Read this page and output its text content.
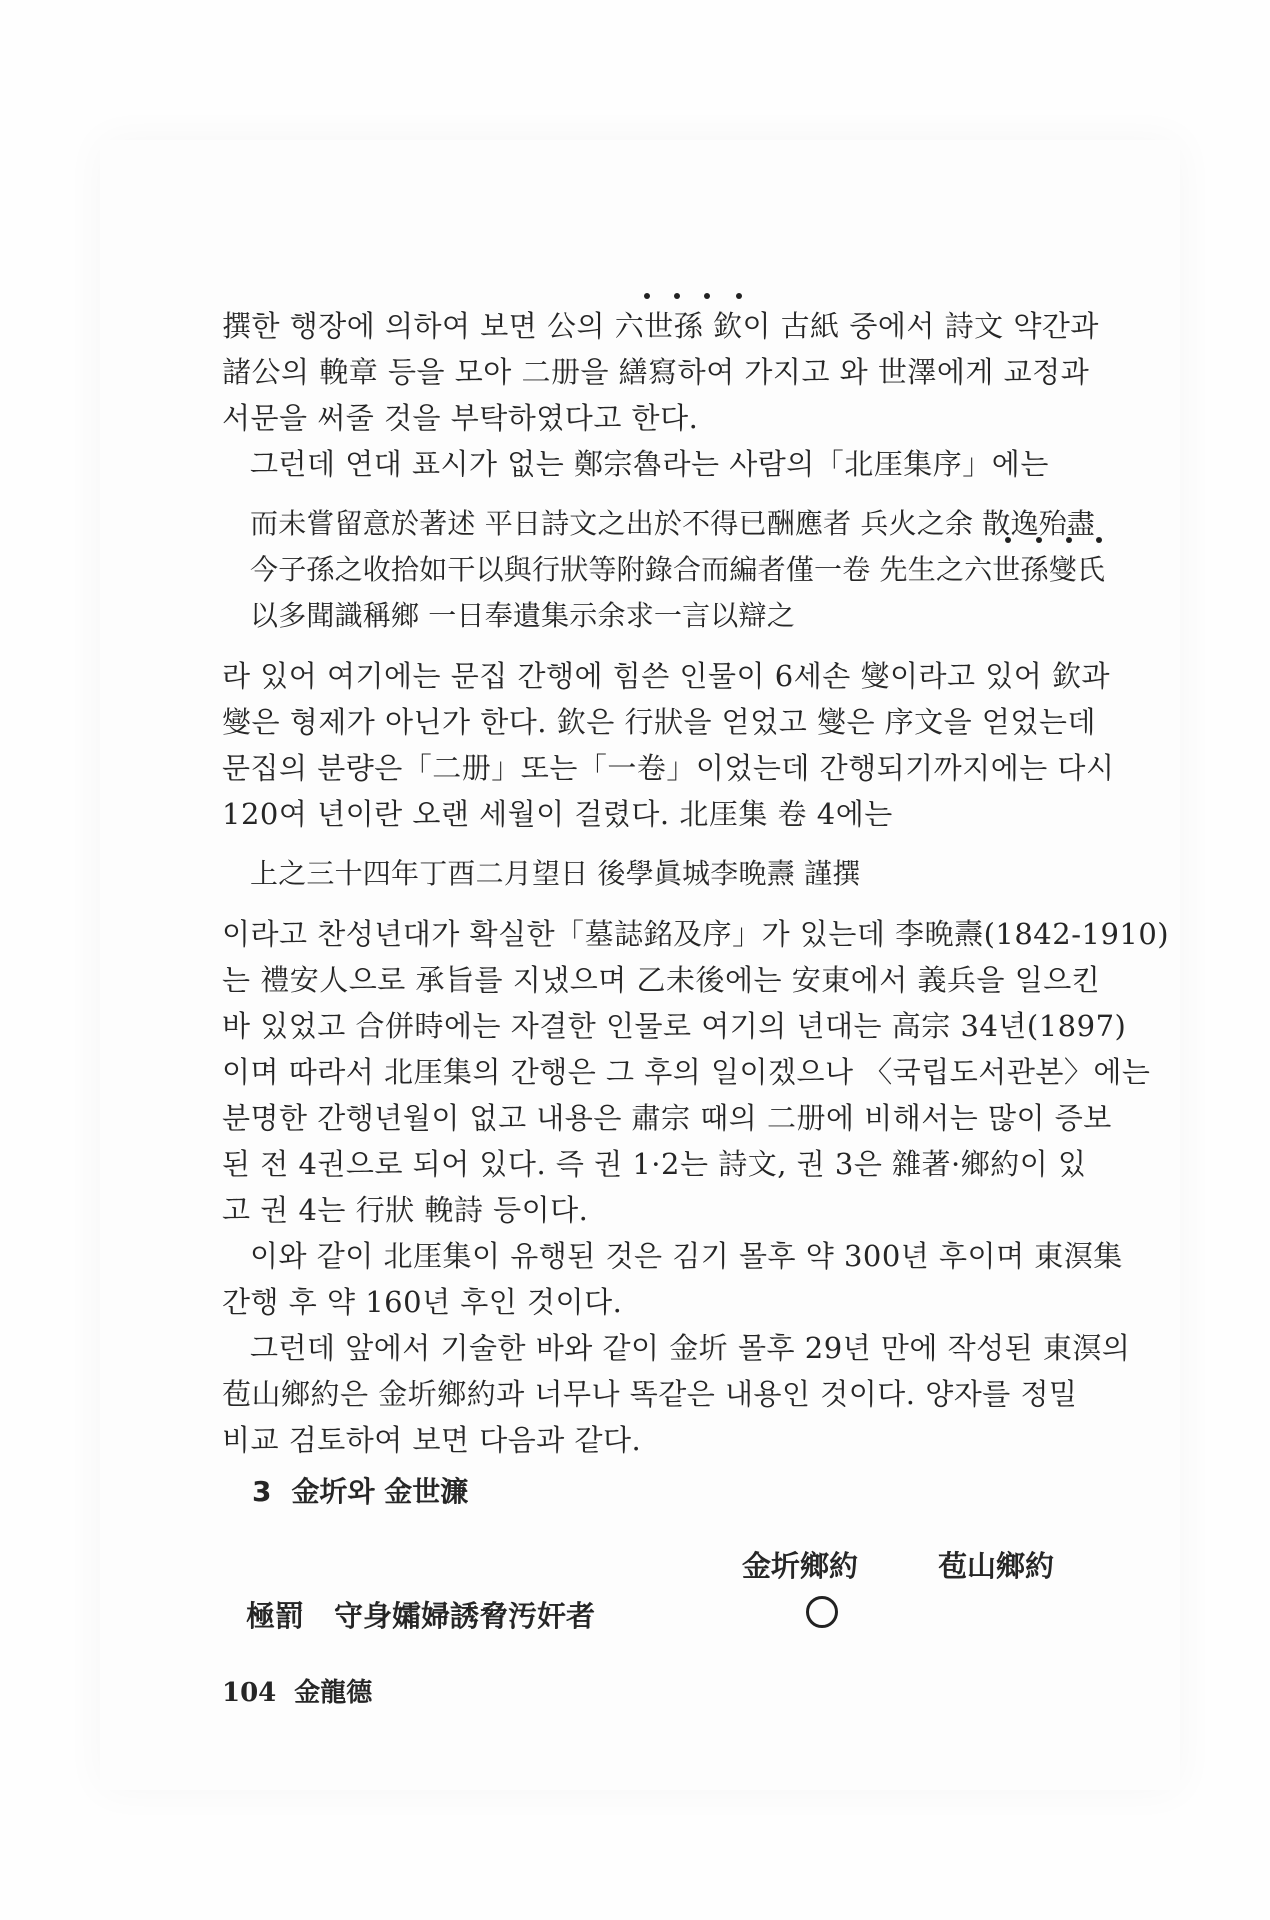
撰한 행장에 의하여 보면 公의 六世孫 欽이 古紙 중에서 詩文 약간과
諸公의 輓章 등을 모아 二册을 繕寫하여 가지고 와 世澤에게 교정과
서문을 써줄 것을 부탁하였다고 한다.
그런데 연대 표시가 없는 鄭宗魯라는 사람의「北厓集序」에는
而未嘗留意於著述 平日詩文之出於不得已酬應者 兵火之余 散逸殆盡
今子孫之收拾如干以與行狀等附錄合而編者僅一卷 先生之六世孫燮氏
以多聞識稱鄉 一日奉遺集示余求一言以辯之
라 있어 여기에는 문집 간행에 힘쓴 인물이 6세손 燮이라고 있어 欽과
燮은 형제가 아닌가 한다. 欽은 行狀을 얻었고 燮은 序文을 얻었는데
문집의 분량은「二册」또는「一卷」이었는데 간행되기까지에는 다시
120여 년이란 오랜 세월이 걸렸다. 北厓集 卷 4에는
上之三十四年丁酉二月望日 後學眞城李晩燾 謹撰
이라고 찬성년대가 확실한「墓誌銘及序」가 있는데 李晩燾(1842-1910)
는 禮安人으로 承旨를 지냈으며 乙未後에는 安東에서 義兵을 일으킨
바 있었고 合併時에는 자결한 인물로 여기의 년대는 高宗 34년(1897)
이며 따라서 北厓集의 간행은 그 후의 일이겠으나 〈국립도서관본〉에는
분명한 간행년월이 없고 내용은 肅宗 때의 二册에 비해서는 많이 증보
된 전 4권으로 되어 있다. 즉 권 1·2는 詩文, 권 3은 雜著·鄉約이 있
고 권 4는 行狀 輓詩 등이다.
이와 같이 北厓集이 유행된 것은 김기 몰후 약 300년 후이며 東溟集
간행 후 약 160년 후인 것이다.
그런데 앞에서 기술한 바와 같이 金圻 몰후 29년 만에 작성된 東溟의
苞山鄉約은 金圻鄉約과 너무나 똑같은 내용인 것이다. 양자를 정밀
비교 검토하여 보면 다음과 같다.
3 金圻와 金世濂
金圻鄉約	苞山鄉約
極罰 守身孀婦誘脅汚奸者
104 金龍德
